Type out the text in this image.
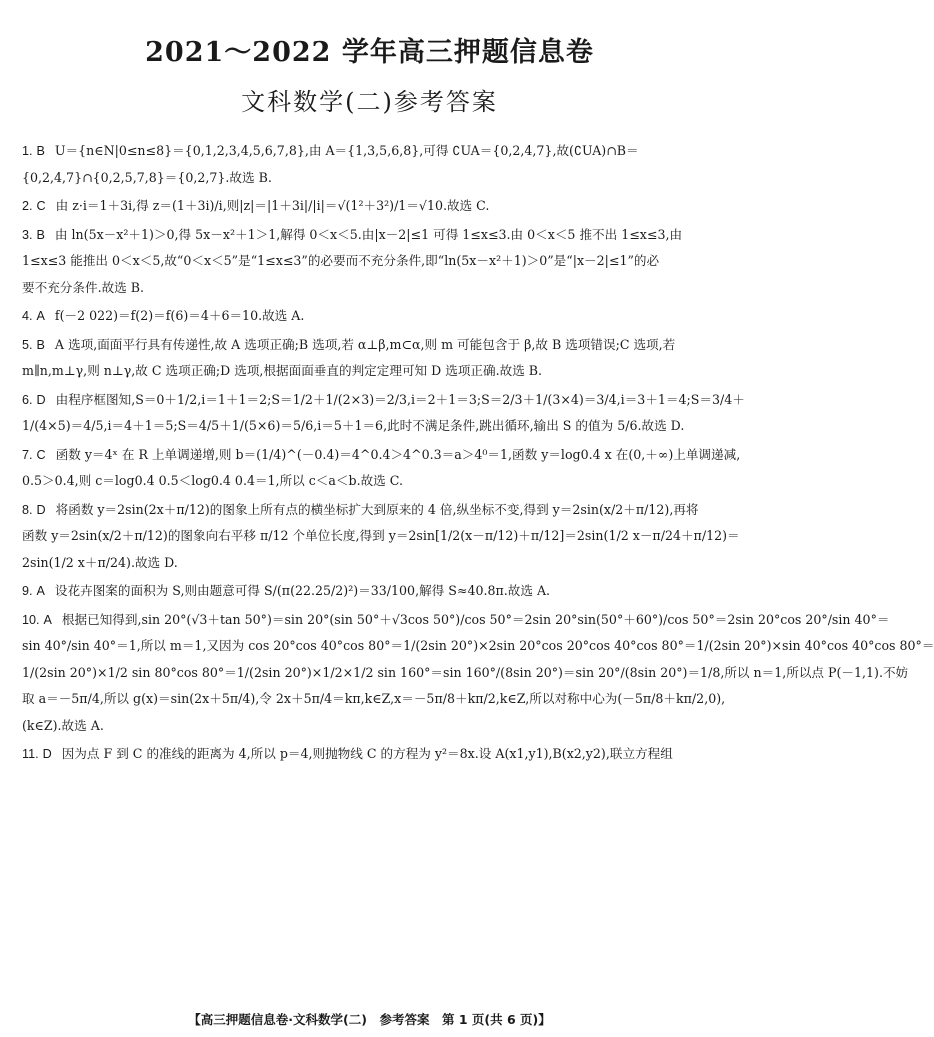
2021～2022 学年高三押题信息卷
文科数学(二)参考答案
1. B U＝{n∈N|0≤n≤8}＝{0,1,2,3,4,5,6,7,8},由 A＝{1,3,5,6,8},可得 ∁UA＝{0,2,4,7},故(∁UA)∩B＝
{0,2,4,7}∩{0,2,5,7,8}＝{0,2,7}.故选 B.
2. C 由 z·i＝1＋3i,得 z＝(1＋3i)/i,则|z|＝|1＋3i|/|i|＝√(1²＋3²)/1＝√10.故选 C.
3. B 由 ln(5x－x²＋1)＞0,得 5x－x²＋1＞1,解得 0＜x＜5.由|x－2|≤1 可得 1≤x≤3.由 0＜x＜5 推不出 1≤x≤3,由
1≤x≤3 能推出 0＜x＜5,故“0＜x＜5”是“1≤x≤3”的必要而不充分条件,即“ln(5x－x²＋1)＞0”是“|x－2|≤1”的必
要不充分条件.故选 B.
4. A f(－2 022)＝f(2)＝f(6)＝4＋6＝10.故选 A.
5. B A 选项,面面平行具有传递性,故 A 选项正确;B 选项,若 α⊥β,m⊂α,则 m 可能包含于 β,故 B 选项错误;C 选项,若
m∥n,m⊥γ,则 n⊥γ,故 C 选项正确;D 选项,根据面面垂直的判定定理可知 D 选项正确.故选 B.
6. D 由程序框图知,S＝0＋1/2,i＝1＋1＝2;S＝1/2＋1/(2×3)＝2/3,i＝2＋1＝3;S＝2/3＋1/(3×4)＝3/4,i＝3＋1＝4;S＝3/4＋
1/(4×5)＝4/5,i＝4＋1＝5;S＝4/5＋1/(5×6)＝5/6,i＝5＋1＝6,此时不满足条件,跳出循环,输出 S 的值为 5/6.故选 D.
7. C 函数 y＝4ˣ 在 R 上单调递增,则 b＝(1/4)^(－0.4)＝4^0.4＞4^0.3＝a＞4⁰＝1,函数 y＝log0.4 x 在(0,＋∞)上单调递减,
0.5＞0.4,则 c＝log0.4 0.5＜log0.4 0.4＝1,所以 c＜a＜b.故选 C.
8. D 将函数 y＝2sin(2x＋π/12)的图象上所有点的横坐标扩大到原来的 4 倍,纵坐标不变,得到 y＝2sin(x/2＋π/12),再将
函数 y＝2sin(x/2＋π/12)的图象向右平移 π/12 个单位长度,得到 y＝2sin[1/2(x－π/12)＋π/12]＝2sin(1/2 x－π/24＋π/12)＝
2sin(1/2 x＋π/24).故选 D.
9. A 设花卉图案的面积为 S,则由题意可得 S/(π(22.25/2)²)＝33/100,解得 S≈40.8π.故选 A.
10. A 根据已知得到,sin 20°(√3＋tan 50°)＝sin 20°(sin 50°＋√3cos 50°)/cos 50°＝2sin 20°sin(50°＋60°)/cos 50°＝2sin 20°cos 20°/sin 40°＝
sin 40°/sin 40°＝1,所以 m＝1,又因为 cos 20°cos 40°cos 80°＝1/(2sin 20°)×2sin 20°cos 20°cos 40°cos 80°＝1/(2sin 20°)×sin 40°cos 40°cos 80°＝
1/(2sin 20°)×1/2 sin 80°cos 80°＝1/(2sin 20°)×1/2×1/2 sin 160°＝sin 160°/(8sin 20°)＝sin 20°/(8sin 20°)＝1/8,所以 n＝1,所以点 P(－1,1).不妨
取 a＝－5π/4,所以 g(x)＝sin(2x＋5π/4),令 2x＋5π/4＝kπ,k∈Z,x＝－5π/8＋kπ/2,k∈Z,所以对称中心为(－5π/8＋kπ/2,0),
(k∈Z).故选 A.
11. D 因为点 F 到 C 的准线的距离为 4,所以 p＝4,则抛物线 C 的方程为 y²＝8x.设 A(x1,y1),B(x2,y2),联立方程组
【高三押题信息卷·文科数学(二)　参考答案　第 1 页(共 6 页)】
